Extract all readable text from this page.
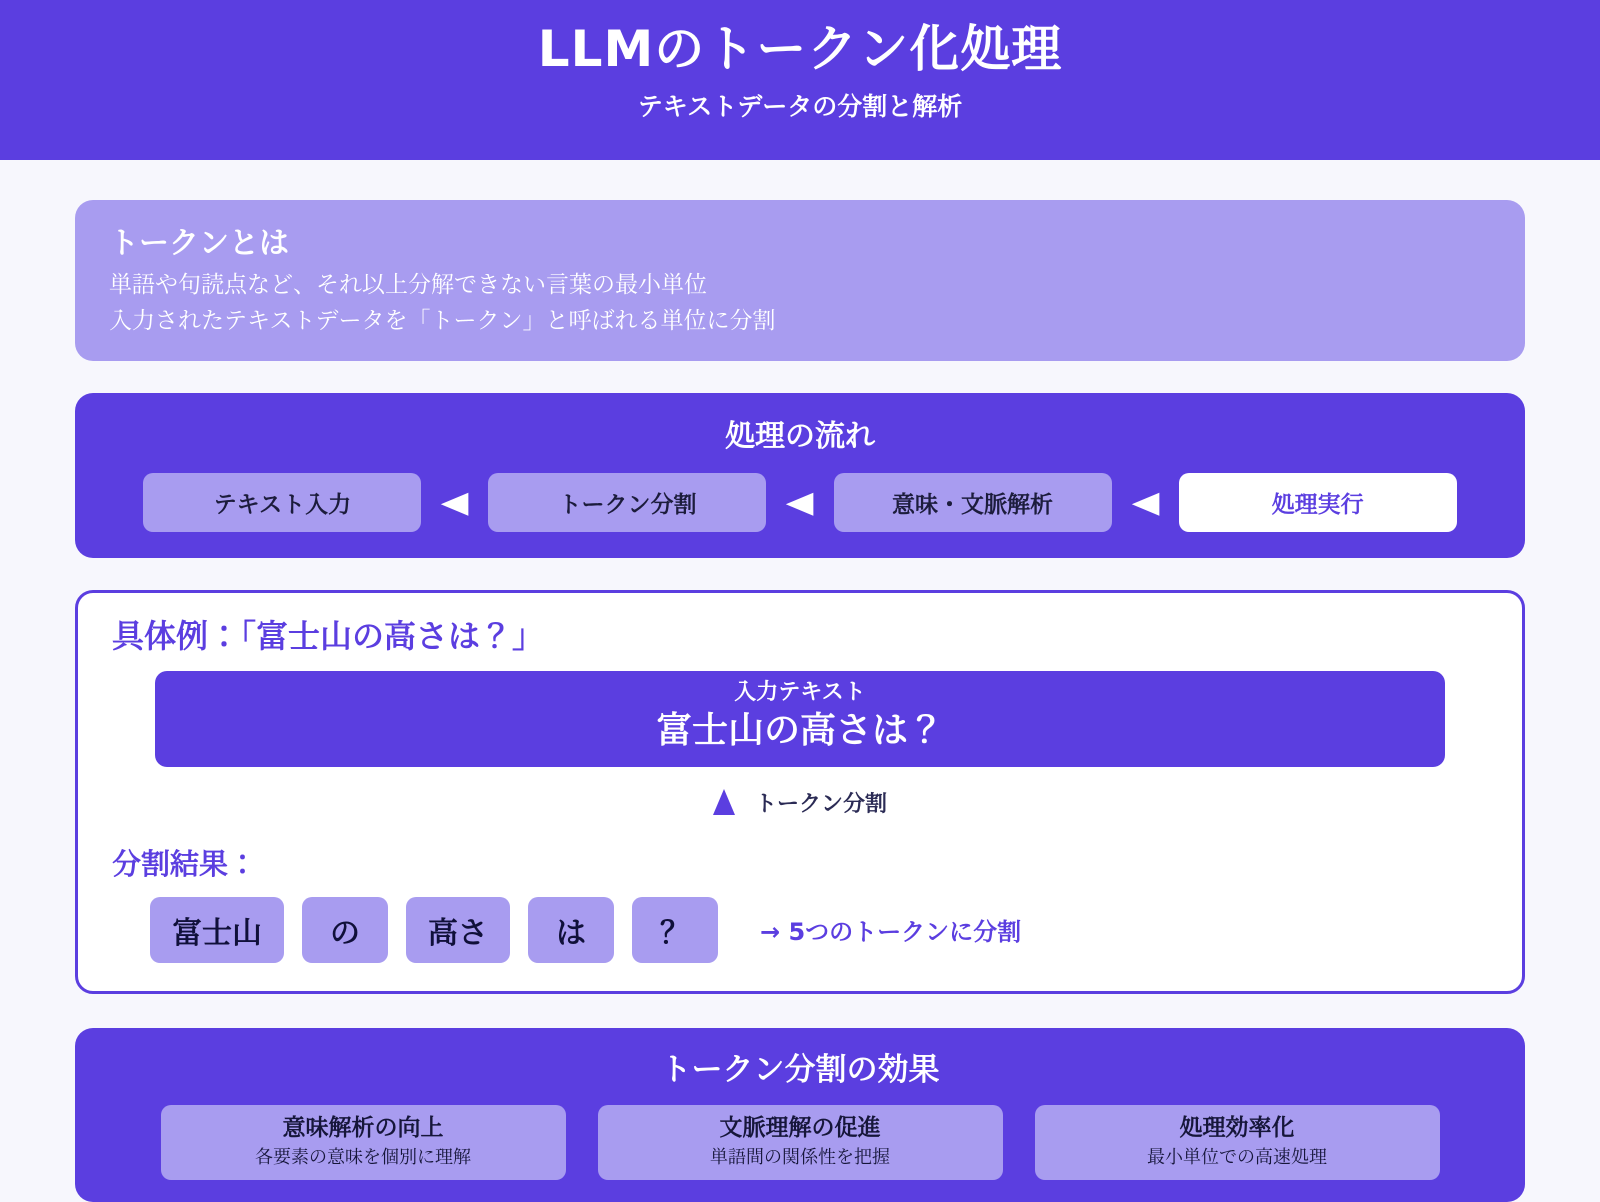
LLMのトークン化処理
テキストデータの分割と解析
トークンとは
単語や句読点など、それ以上分解できない言葉の最小単位
入力されたテキストデータを「トークン」と呼ばれる単位に分割
処理の流れ
テキスト入力	◀	トークン分割	◀	意味・文脈解析	◀	処理実行
具体例：「富士山の高さは？」
入力テキスト
富士山の高さは？
トークン分割
分割結果：
富士山	の	高さ	は	？	→ 5つのトークンに分割
トークン分割の効果
意味解析の向上
各要素の意味を個別に理解
文脈理解の促進
単語間の関係性を把握
処理効率化
最小単位での高速処理
